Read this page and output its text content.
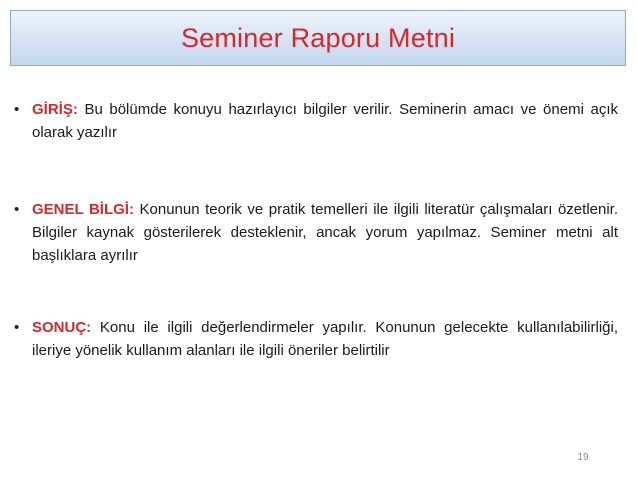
Seminer Raporu Metni
• GİRİŞ: Bu bölümde konuyu hazırlayıcı bilgiler verilir. Seminerin amacı ve önemi açık olarak yazılır
• GENEL BİLGİ: Konunun teorik ve pratik temelleri ile ilgili literatür çalışmaları özetlenir. Bilgiler kaynak gösterilerek desteklenir, ancak yorum yapılmaz. Seminer metni alt başlıklara ayrılır
• SONUÇ: Konu ile ilgili değerlendirmeler yapılır. Konunun gelecekte kullanılabilirliği, ileriye yönelik kullanım alanları ile ilgili öneriler belirtilir
19
